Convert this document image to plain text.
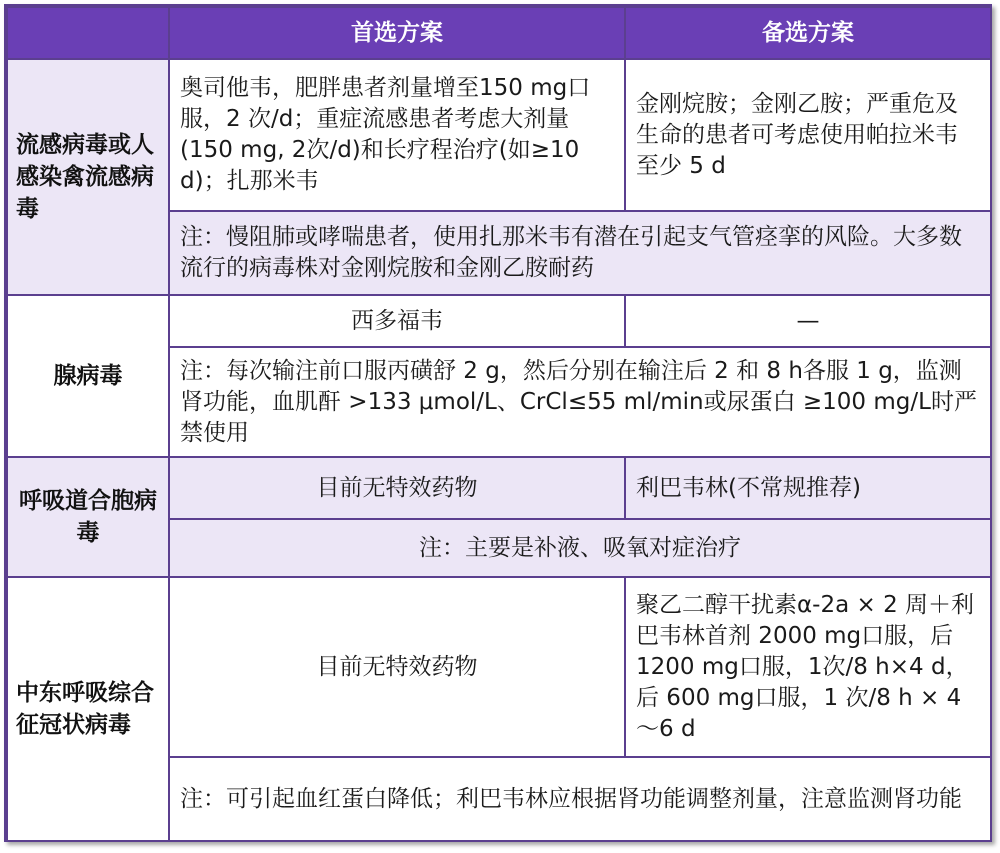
	首选方案	备选方案
流感病毒或人感染禽流感病毒	奥司他韦，肥胖患者剂量增至150 mg口服，2 次/d；重症流感患者考虑大剂量(150 mg, 2次/d)和长疗程治疗(如≥10 d)；扎那米韦	金刚烷胺；金刚乙胺；严重危及生命的患者可考虑使用帕拉米韦至少 5 d
	注：慢阻肺或哮喘患者，使用扎那米韦有潜在引起支气管痉挛的风险。大多数流行的病毒株对金刚烷胺和金刚乙胺耐药	
腺病毒	西多福韦	—
	注：每次输注前口服丙磺舒 2 g，然后分别在输注后 2 和 8 h各服 1 g，监测肾功能，血肌酐 >133 μmol/L、CrCl≤55 ml/min或尿蛋白 ≥100 mg/L时严禁使用	
呼吸道合胞病毒	目前无特效药物	利巴韦林(不常规推荐)
	注：主要是补液、吸氧对症治疗	
中东呼吸综合征冠状病毒	目前无特效药物	聚乙二醇干扰素α-2a × 2 周＋利巴韦林首剂 2000 mg口服，后 1200 mg口服，1次/8 h×4 d，后 600 mg口服，1 次/8 h × 4～6 d
	注：可引起血红蛋白降低；利巴韦林应根据肾功能调整剂量，注意监测肾功能	
